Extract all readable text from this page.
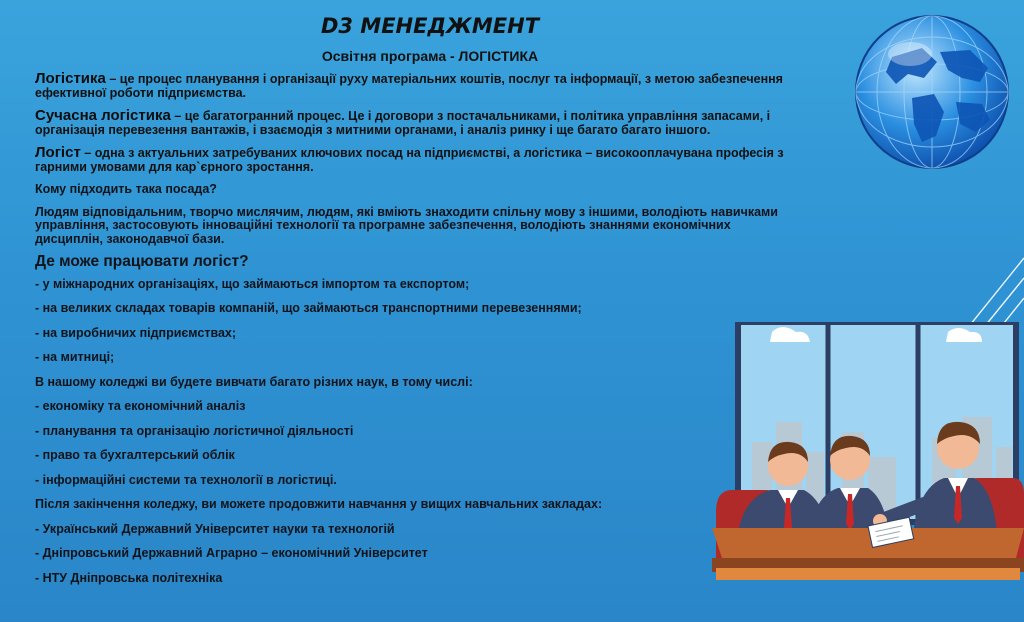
D3 МЕНЕДЖМЕНТ
Освітня програма - ЛОГІСТИКА

Логістика – це процес планування і організації руху матеріальних коштів, послуг та інформації, з метою забезпечення ефективної роботи підприємства.

Сучасна логістика – це багатогранний процес. Це і договори з постачальниками, і політика управління запасами, і організація перевезення вантажів, і взаємодія з митними органами, і аналіз ринку і ще багато багато іншого.

Логіст – одна з актуальних затребуваних ключових посад на підприємстві, а логістика – високооплачувана професія з гарними умовами для кар`єрного зростання.

Кому підходить така посада?

Людям відповідальним, творчо мислячим, людям, які вміють знаходити спільну мову з іншими, володіють навичками управління, застосовують інноваційні технології та програмне забезпечення, володіють знаннями економічних дисциплін, законодавчої бази.

Де може працювати логіст?

- у міжнародних організаціях, що займаються імпортом та експортом;

- на великих складах товарів компаній, що займаються транспортними перевезеннями;

- на виробничих підприємствах;

- на митниці;

В нашому коледжі ви будете вивчати багато різних наук, в тому числі:

- економіку та економічний аналіз

- планування та організацію логістичної діяльності

- право та бухгалтерський облік

- інформаційні системи та технології в логістиці.

Після закінчення коледжу, ви можете продовжити навчання у вищих навчальних закладах:

- Український Державний Університет науки та технологій

- Дніпровський Державний Аграрно – економічний Університет

- НТУ Дніпровська політехніка
